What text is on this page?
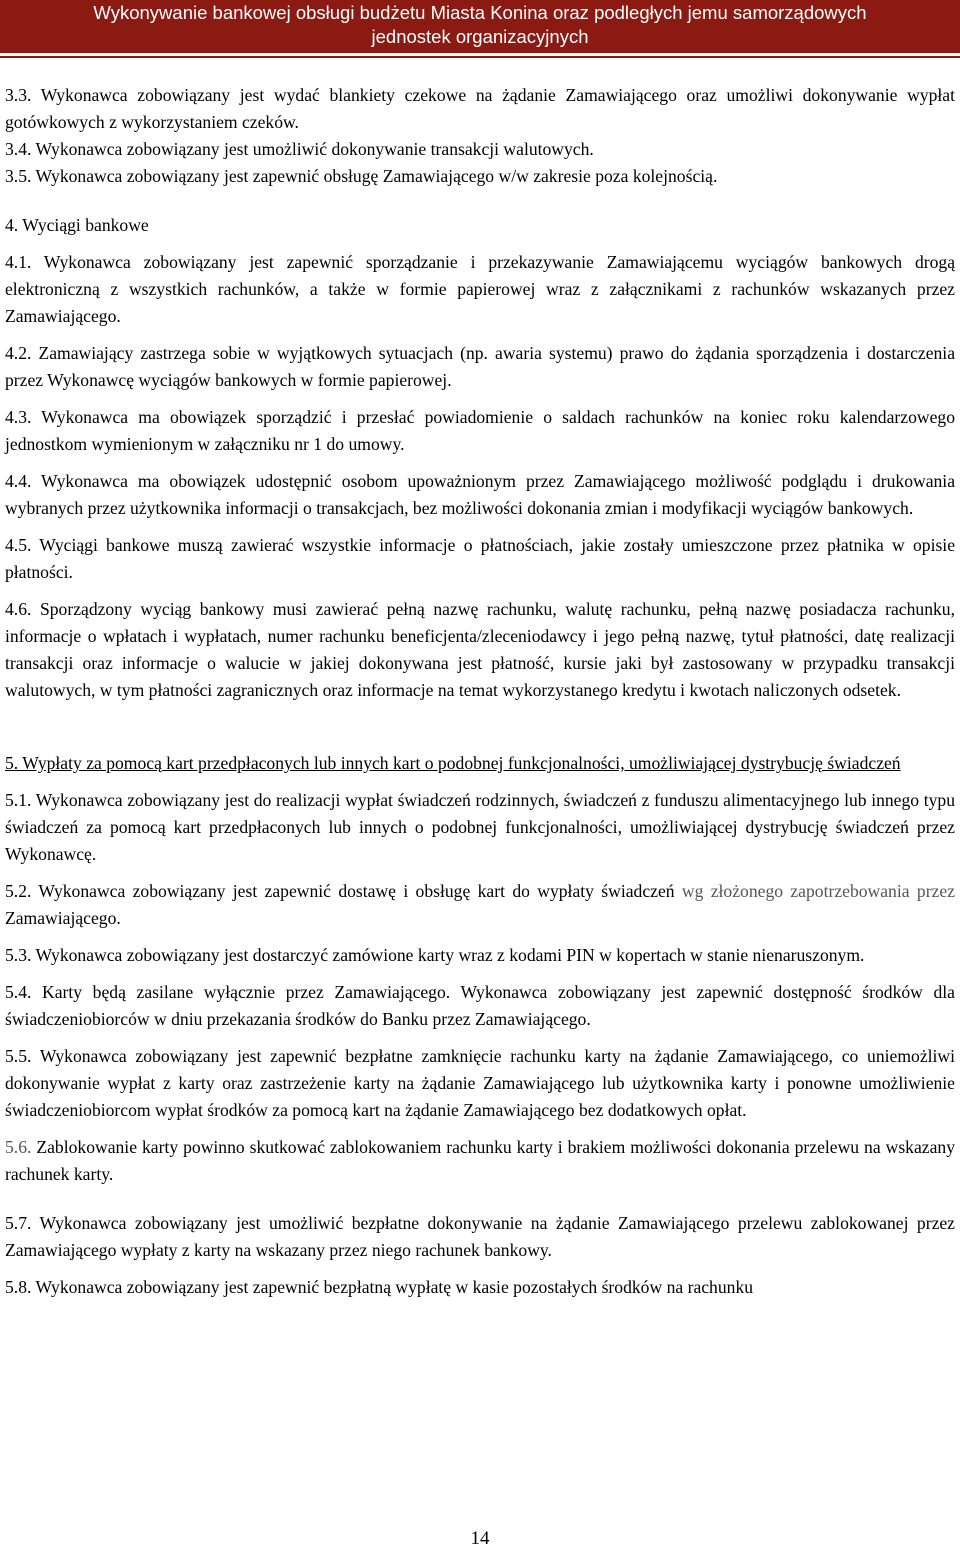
Wykonywanie bankowej obsługi budżetu Miasta Konina oraz podległych jemu samorządowych
jednostek organizacyjnych

3.3. Wykonawca zobowiązany jest wydać blankiety czekowe na żądanie Zamawiającego oraz umożliwi dokonywanie wypłat gotówkowych z wykorzystaniem czeków.

3.4. Wykonawca zobowiązany jest umożliwić dokonywanie transakcji walutowych.

3.5. Wykonawca zobowiązany jest zapewnić obsługę Zamawiającego w/w zakresie poza kolejnością.

4. Wyciągi bankowe

4.1. Wykonawca zobowiązany jest zapewnić sporządzanie i przekazywanie Zamawiającemu wyciągów bankowych drogą elektroniczną z wszystkich rachunków, a także w formie papierowej wraz z załącznikami z rachunków wskazanych przez Zamawiającego.

4.2. Zamawiający zastrzega sobie w wyjątkowych sytuacjach (np. awaria systemu) prawo do żądania sporządzenia i dostarczenia przez Wykonawcę wyciągów bankowych w formie papierowej.

4.3. Wykonawca ma obowiązek sporządzić i przesłać powiadomienie o saldach rachunków na koniec roku kalendarzowego jednostkom wymienionym w załączniku nr 1 do umowy.

4.4. Wykonawca ma obowiązek udostępnić osobom upoważnionym przez Zamawiającego możliwość podglądu i drukowania wybranych przez użytkownika informacji o transakcjach, bez możliwości dokonania zmian i modyfikacji wyciągów bankowych.

4.5. Wyciągi bankowe muszą zawierać wszystkie informacje o płatnościach, jakie zostały umieszczone przez płatnika w opisie płatności.

4.6. Sporządzony wyciąg bankowy musi zawierać pełną nazwę rachunku, walutę rachunku, pełną nazwę posiadacza rachunku, informacje o wpłatach i wypłatach, numer rachunku beneficjenta/zleceniodawcy i jego pełną nazwę, tytuł płatności, datę realizacji transakcji oraz informacje o walucie w jakiej dokonywana jest płatność, kursie jaki był zastosowany w przypadku transakcji walutowych, w tym płatności zagranicznych oraz informacje na temat wykorzystanego kredytu i kwotach naliczonych odsetek.

5. Wypłaty za pomocą kart przedpłaconych lub innych kart o podobnej funkcjonalności, umożliwiającej dystrybucję świadczeń

5.1. Wykonawca zobowiązany jest do realizacji wypłat świadczeń rodzinnych, świadczeń z funduszu alimentacyjnego lub innego typu świadczeń za pomocą kart przedpłaconych lub innych o podobnej funkcjonalności, umożliwiającej dystrybucję świadczeń przez Wykonawcę.

5.2. Wykonawca zobowiązany jest zapewnić dostawę i obsługę kart do wypłaty świadczeń wg złożonego zapotrzebowania przez Zamawiającego.

5.3. Wykonawca zobowiązany jest dostarczyć zamówione karty wraz z kodami PIN w kopertach w stanie nienaruszonym.

5.4. Karty będą zasilane wyłącznie przez Zamawiającego. Wykonawca zobowiązany jest zapewnić dostępność środków dla świadczeniobiorców w dniu przekazania środków do Banku przez Zamawiającego.

5.5. Wykonawca zobowiązany jest zapewnić bezpłatne zamknięcie rachunku karty na żądanie Zamawiającego, co uniemożliwi dokonywanie wypłat z karty oraz zastrzeżenie karty na żądanie Zamawiającego lub użytkownika karty i ponowne umożliwienie świadczeniobiorcom wypłat środków za pomocą kart na żądanie Zamawiającego bez dodatkowych opłat.

5.6. Zablokowanie karty powinno skutkować zablokowaniem rachunku karty i brakiem możliwości dokonania przelewu na wskazany rachunek karty.

5.7. Wykonawca zobowiązany jest umożliwić bezpłatne dokonywanie na żądanie Zamawiającego przelewu zablokowanej przez Zamawiającego wypłaty z karty na wskazany przez niego rachunek bankowy.

5.8. Wykonawca zobowiązany jest zapewnić bezpłatną wypłatę w kasie pozostałych środków na rachunku

14
